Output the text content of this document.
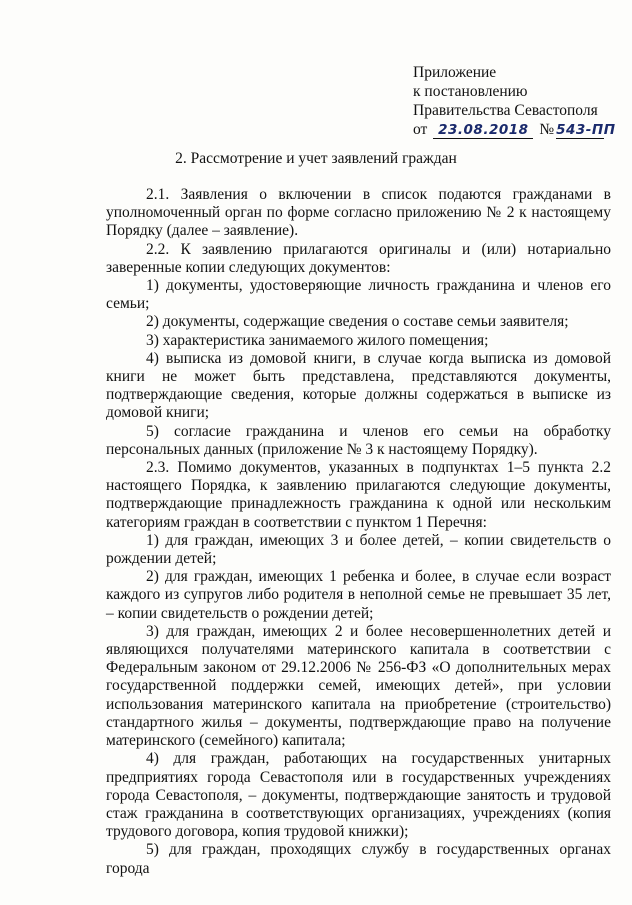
Приложение
к постановлению
Правительства Севастополя
от 23.08.2018 № 543-ПП
2. Рассмотрение и учет заявлений граждан

2.1. Заявления о включении в список подаются гражданами в уполномоченный орган по форме согласно приложению № 2 к настоящему Порядку (далее – заявление).

2.2. К заявлению прилагаются оригиналы и (или) нотариально заверенные копии следующих документов:

1) документы, удостоверяющие личность гражданина и членов его семьи;

2) документы, содержащие сведения о составе семьи заявителя;

3) характеристика занимаемого жилого помещения;

4) выписка из домовой книги, в случае когда выписка из домовой книги не может быть представлена, представляются документы, подтверждающие сведения, которые должны содержаться в выписке из домовой книги;

5) согласие гражданина и членов его семьи на обработку персональных данных (приложение № 3 к настоящему Порядку).

2.3. Помимо документов, указанных в подпунктах 1–5 пункта 2.2 настоящего Порядка, к заявлению прилагаются следующие документы, подтверждающие принадлежность гражданина к одной или нескольким категориям граждан в соответствии с пунктом 1 Перечня:

1) для граждан, имеющих 3 и более детей, – копии свидетельств о рождении детей;

2) для граждан, имеющих 1 ребенка и более, в случае если возраст каждого из супругов либо родителя в неполной семье не превышает 35 лет, – копии свидетельств о рождении детей;

3) для граждан, имеющих 2 и более несовершеннолетних детей и являющихся получателями материнского капитала в соответствии с Федеральным законом от 29.12.2006 № 256-ФЗ «О дополнительных мерах государственной поддержки семей, имеющих детей», при условии использования материнского капитала на приобретение (строительство) стандартного жилья – документы, подтверждающие право на получение материнского (семейного) капитала;

4) для граждан, работающих на государственных унитарных предприятиях города Севастополя или в государственных учреждениях города Севастополя, – документы, подтверждающие занятость и трудовой стаж гражданина в соответствующих организациях, учреждениях (копия трудового договора, копия трудовой книжки);

5) для граждан, проходящих службу в государственных органах города
